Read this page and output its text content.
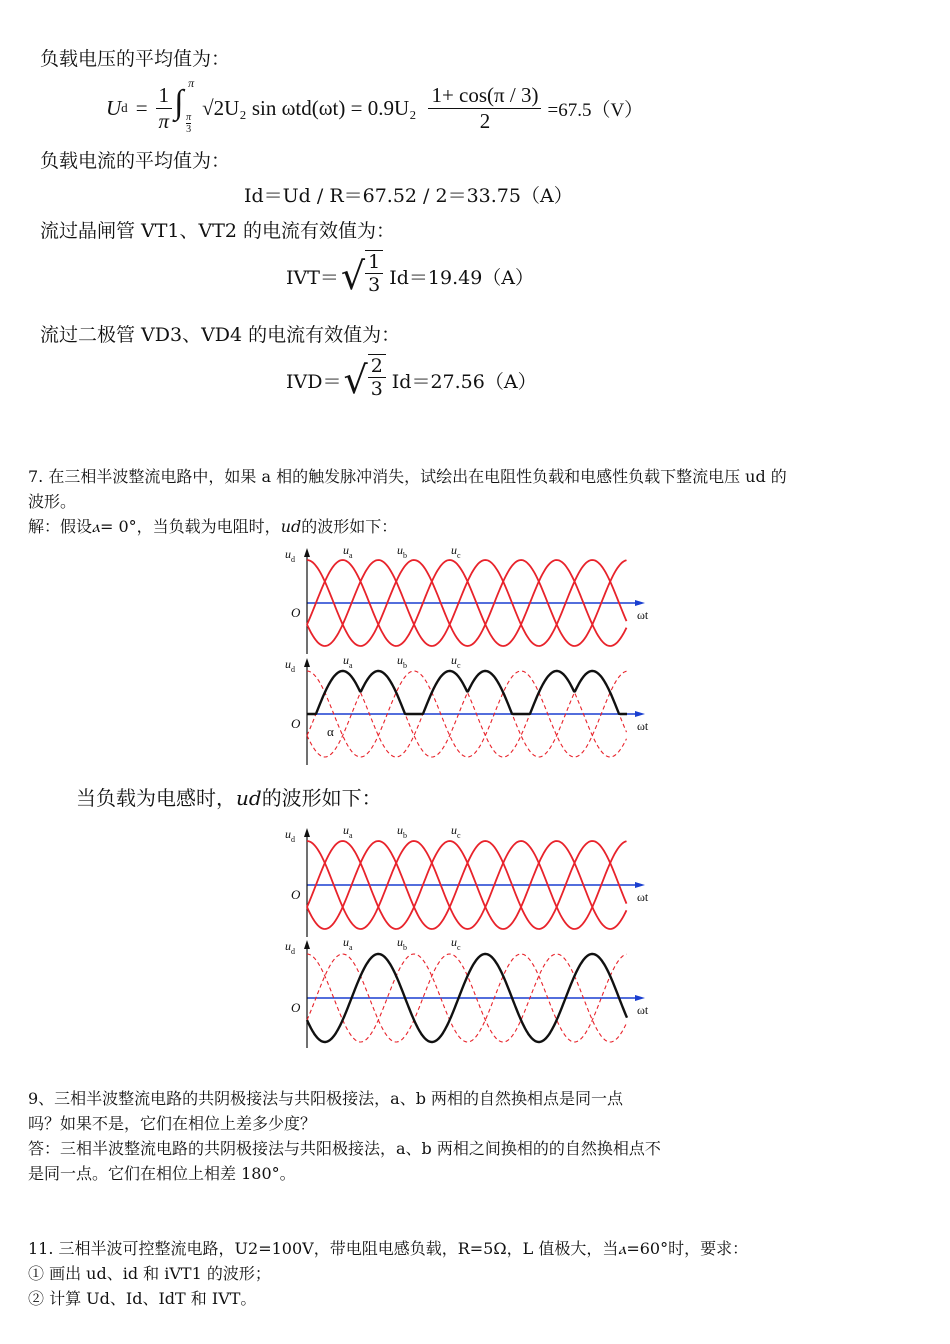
负载电压的平均值为：
U $d = \frac{1}{\pi}$ ∫
π
π
3
√2U₂ $\sin \omega td(\omega t) = 0.9U_2 \frac{1+ \cos(\pi / 3)}{2} =67.5(V)$
负载电流的平均值为：
Id＝Ud / R＝67.52 / 2＝33.75（A）
流过晶闸管 VT1、VT2 的电流有效值为：
IVT＝ √ $\frac{1}{3} Id=19.49(A)$
流过二极管 VD3、VD4 的电流有效值为：
IVD＝ √ $\frac{2}{3} Id=27.56(A)$
7. 在三相半波整流电路中，如果 a 相的触发脉冲消失，试绘出在电阻性负载和电感性负载下整流电压 ud 的
波形。
解：假设ⲁ= 0°，当负载为电阻时，ud的波形如下：
$u_d$
O	ωt
$u_a$	$u_b$	$u_c$
$u_d$
O	ωt
$u_a$	$u_b$	$u_c$
α
当负载为电感时，ud的波形如下：
$u_d$
O	ωt
$u_a$	$u_b$	$u_c$
$u_d$
O	ωt
$u_a$	$u_b$	$u_c$
9、三相半波整流电路的共阴极接法与共阳极接法，a、b 两相的自然换相点是同一点
吗？如果不是，它们在相位上差多少度？
答：三相半波整流电路的共阴极接法与共阳极接法，a、b 两相之间换相的的自然换相点不
是同一点。它们在相位上相差 180°。
11. 三相半波可控整流电路，U2=100V，带电阻电感负载，R=5Ω，L 值极大，当ⲁ=60°时，要求：
① 画出 ud、id 和 iVT1 的波形；
② 计算 Ud、Id、IdT 和 IVT。
